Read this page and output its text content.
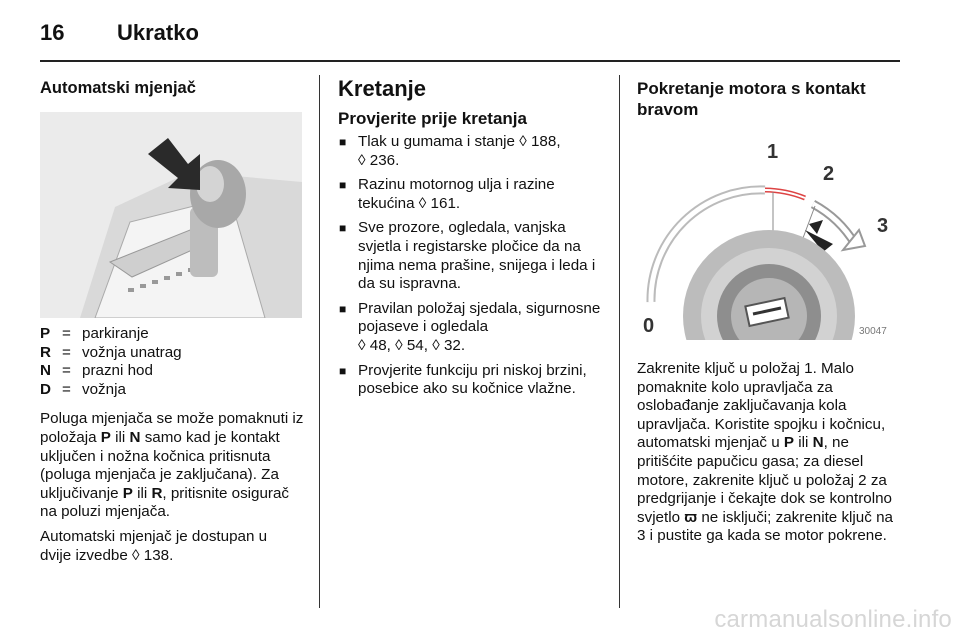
16 Ukratko
Automatski mjenjač
P = parkiranje
R = vožnja unatrag
N = prazni hod
D = vožnja

Poluga mjenjača se može pomaknuti iz položaja P ili N samo kad je kontakt uključen i nožna kočnica pritisnuta (poluga mjenjača je zaključana). Za uključivanje P ili R, pritisnite osigurač na poluzi mjenjača.

Automatski mjenjač je dostupan u dvije izvedbe ◊ 138.

Kretanje
Provjerite prije kretanja
■ Tlak u gumama i stanje ◊ 188,
◊ 236.
■ Razinu motornog ulja i razine tekućina ◊ 161.
■ Sve prozore, ogledala, vanjska svjetla i registarske pločice da na njima nema prašine, snijega i leda i da su ispravna.
■ Pravilan položaj sjedala, sigurnosne pojaseve i ogledala
◊ 48, ◊ 54, ◊ 32.
■ Provjerite funkciju pri niskoj brzini, posebice ako su kočnice vlažne.
Pokretanje motora s kontakt
bravom
1
2
3
0	30047

Zakrenite ključ u položaj 1. Malo pomaknite kolo upravljača za oslobađanje zaključavanja kola upravljača. Koristite spojku i kočnicu, automatski mjenjač u P ili N, ne pritišćite papučicu gasa; za diesel motore, zakrenite ključ u položaj 2 za predgrijanje i čekajte dok se kontrolno svjetlo ϖ ne isključi; zakrenite ključ na 3 i pustite ga kada se motor pokrene.

carmanualsonline.info
